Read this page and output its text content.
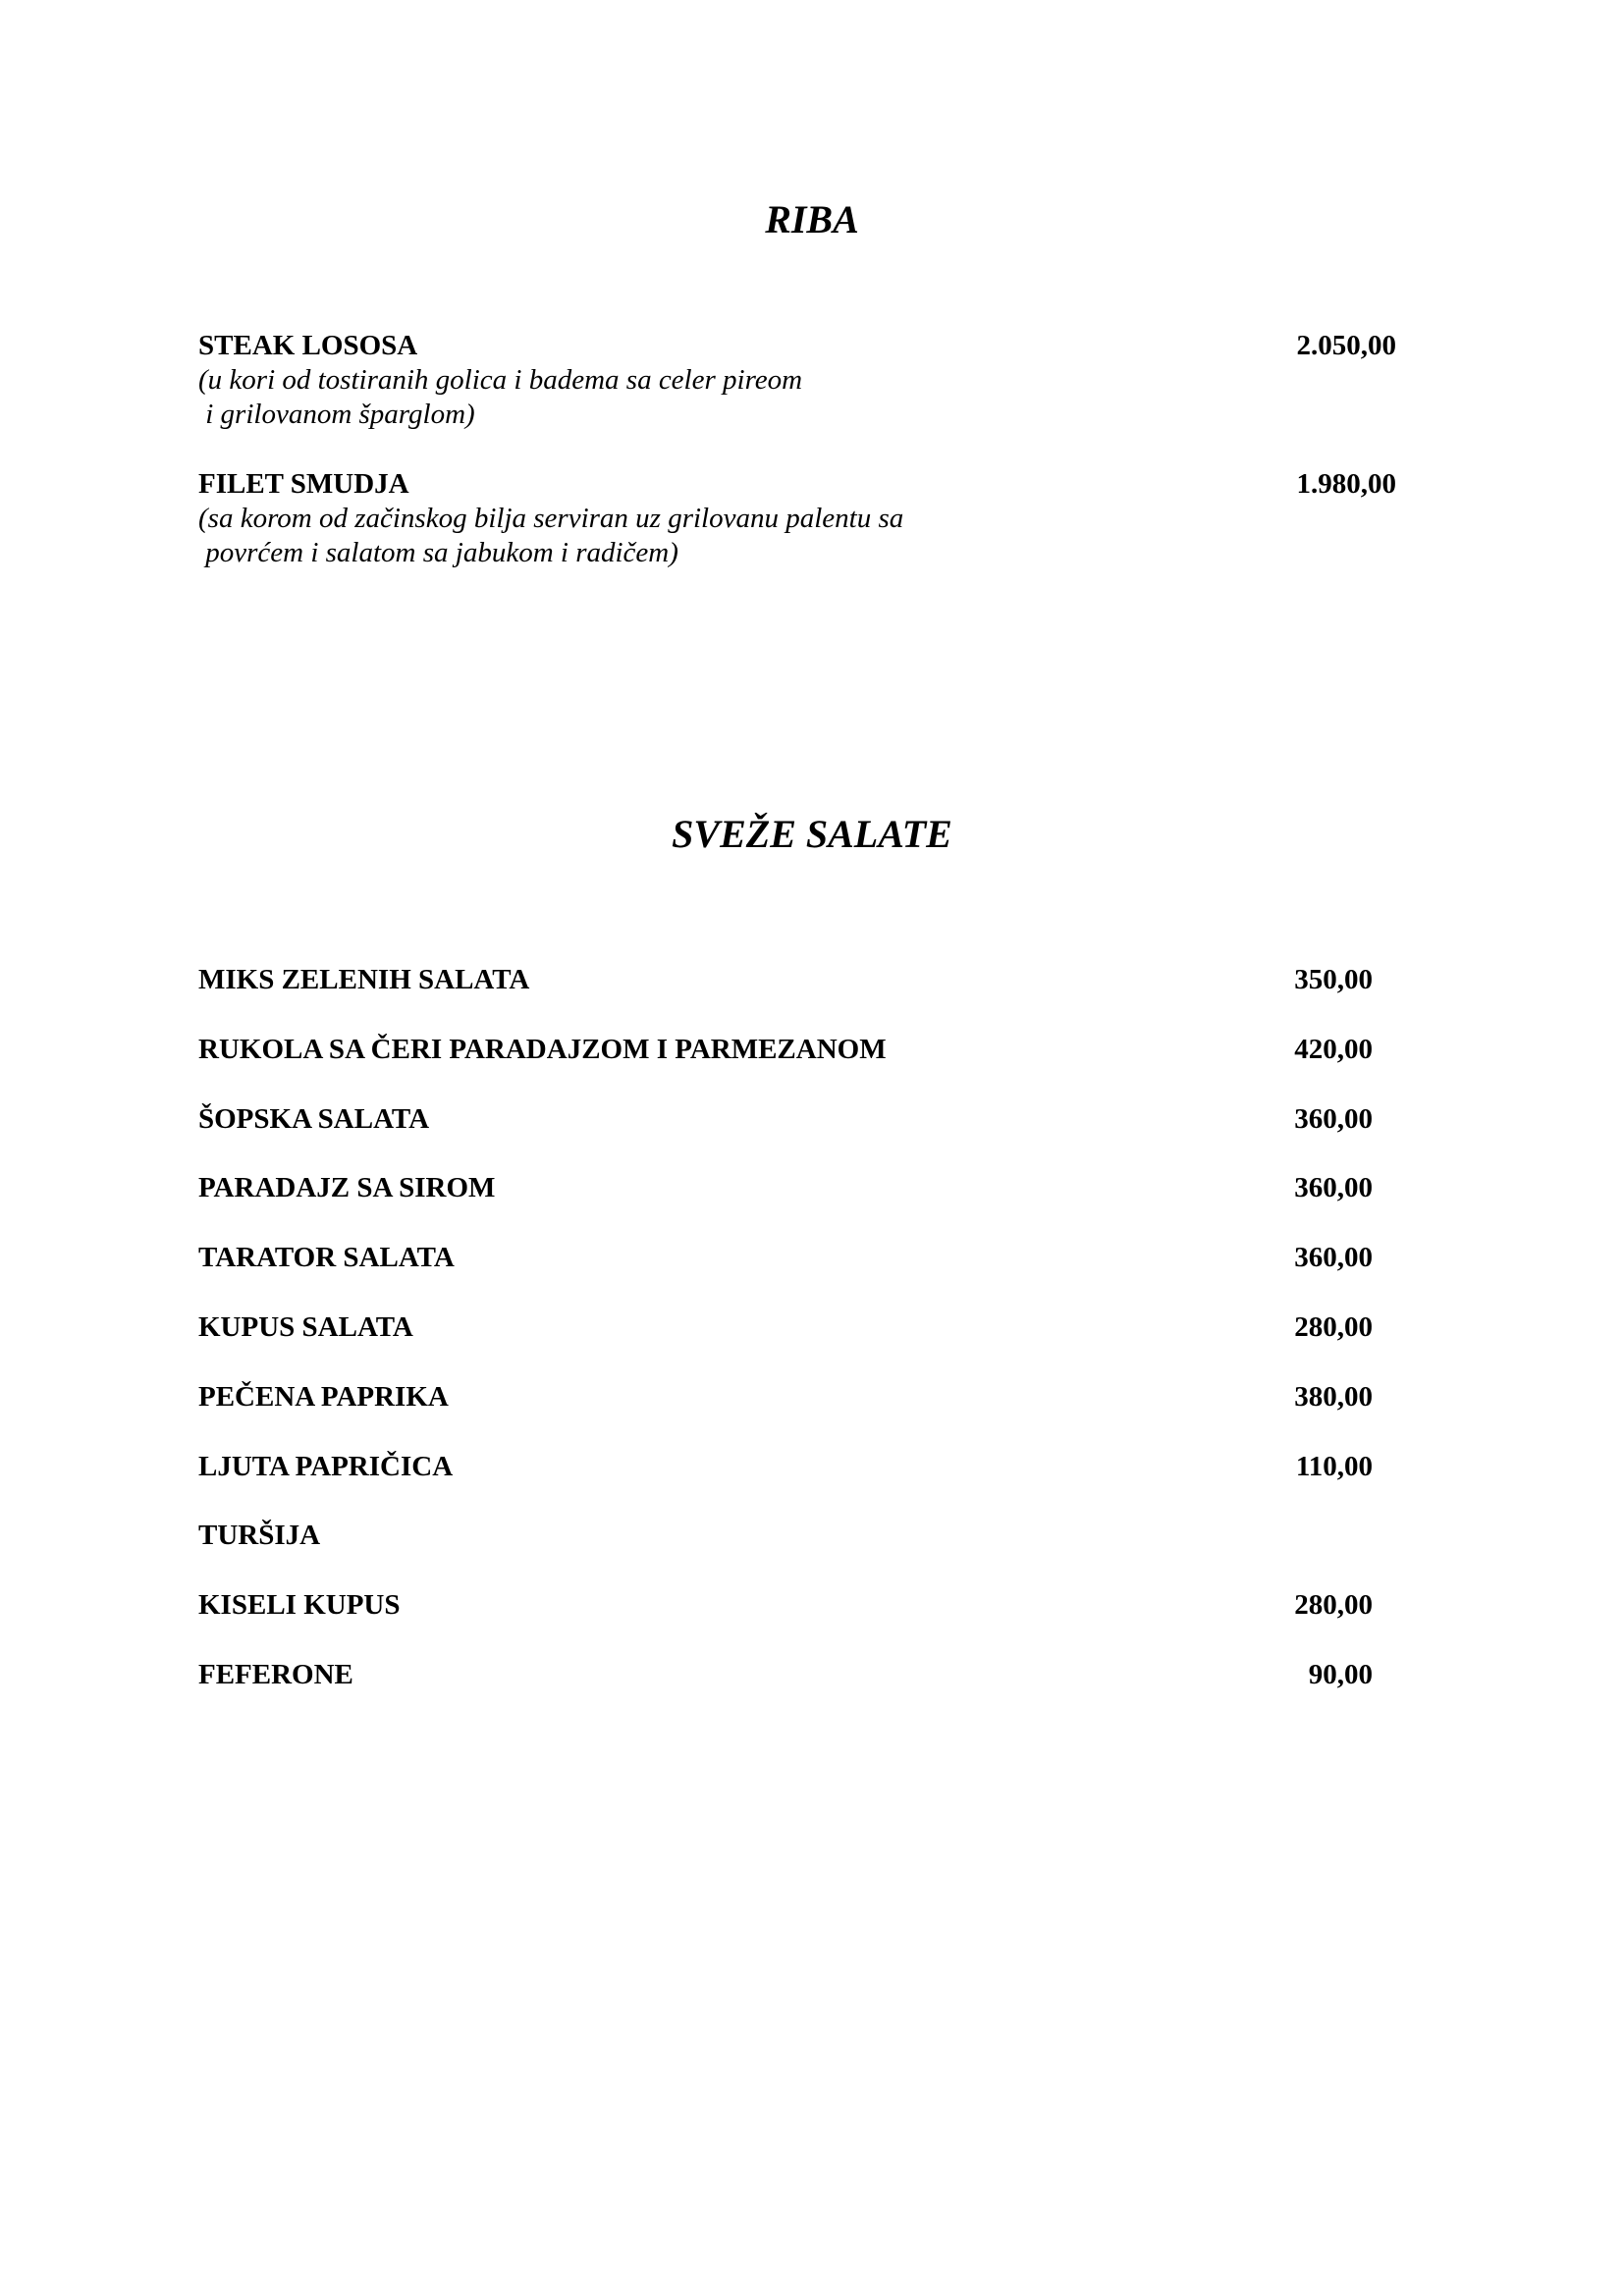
RIBA
STEAK LOSOSA	2.050,00
(u kori od tostiranih golica i badema sa celer pireom
i grilovanom šparglom)
FILET SMUDJA	1.980,00
(sa korom od začinskog bilja serviran uz grilovanu palentu sa
povrćem i salatom sa jabukom i radičem)
SVEŽE SALATE
MIKS ZELENIH SALATA	350,00
RUKOLA SA ČERI PARADAJZOM I PARMEZANOM	420,00
ŠOPSKA SALATA	360,00
PARADAJZ SA SIROM	360,00
TARATOR SALATA	360,00
KUPUS SALATA	280,00
PEČENA PAPRIKA	380,00
LJUTA PAPRIČICA	110,00
TURŠIJA
KISELI KUPUS	280,00
FEFERONE	90,00
